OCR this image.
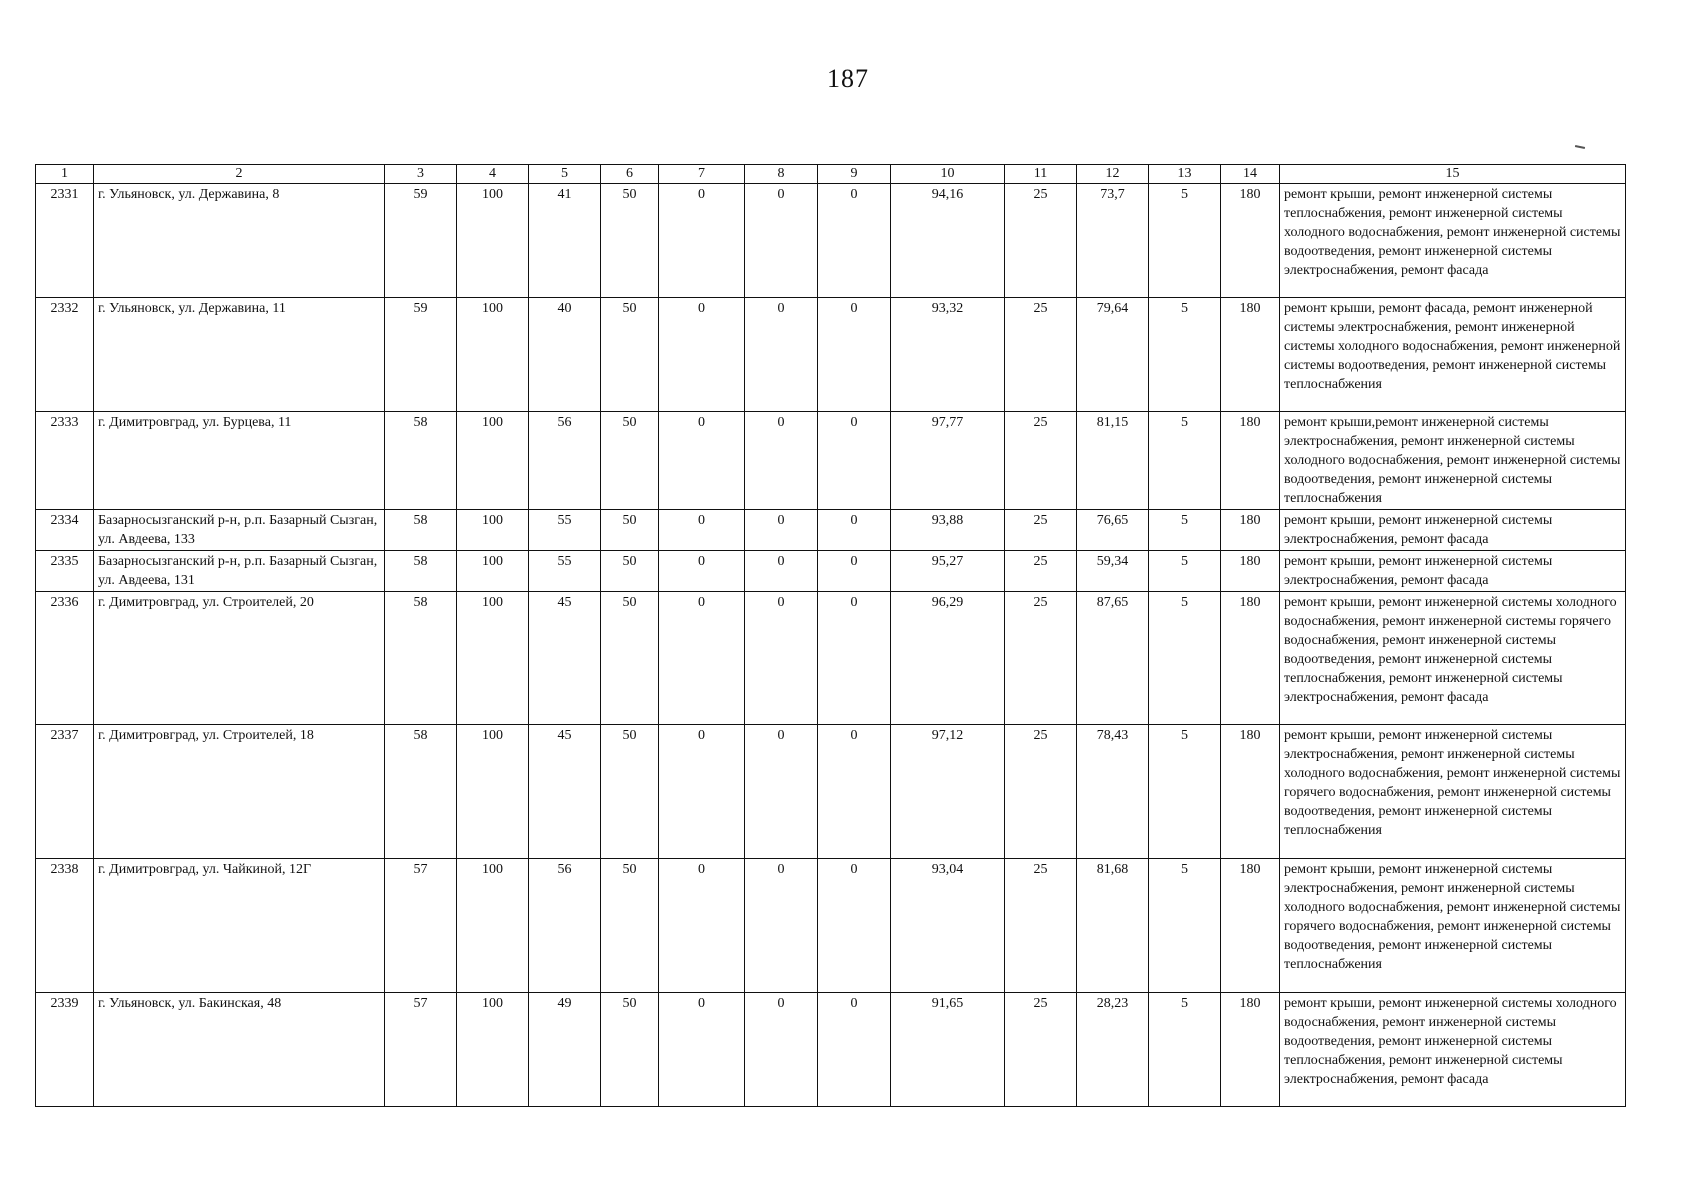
187
1	2	3	4	5	6	7	8	9	10	11	12	13	14	15
2331	г. Ульяновск, ул. Державина, 8	59	100	41	50	0	0	0	94,16	25	73,7	5	180	ремонт крыши, ремонт инженерной системы теплоснабжения, ремонт инженерной системы холодного водоснабжения, ремонт инженерной системы водоотведения, ремонт инженерной системы электроснабжения, ремонт фасада
2332	г. Ульяновск, ул. Державина, 11	59	100	40	50	0	0	0	93,32	25	79,64	5	180	ремонт крыши, ремонт фасада, ремонт инженерной системы электроснабжения, ремонт инженерной системы холодного водоснабжения, ремонт инженерной системы водоотведения, ремонт инженерной системы теплоснабжения
2333	г. Димитровград, ул. Бурцева, 11	58	100	56	50	0	0	0	97,77	25	81,15	5	180	ремонт крыши,ремонт инженерной системы электроснабжения, ремонт инженерной системы холодного водоснабжения, ремонт инженерной системы водоотведения, ремонт инженерной системы теплоснабжения
2334	Базарносызганский р-н, р.п. Базарный Сызган, ул. Авдеева, 133	58	100	55	50	0	0	0	93,88	25	76,65	5	180	ремонт крыши, ремонт инженерной системы электроснабжения, ремонт фасада
2335	Базарносызганский р-н, р.п. Базарный Сызган, ул. Авдеева, 131	58	100	55	50	0	0	0	95,27	25	59,34	5	180	ремонт крыши, ремонт инженерной системы электроснабжения, ремонт фасада
2336	г. Димитровград, ул. Строителей, 20	58	100	45	50	0	0	0	96,29	25	87,65	5	180	ремонт крыши, ремонт инженерной системы холодного водоснабжения, ремонт инженерной системы горячего водоснабжения, ремонт инженерной системы водоотведения, ремонт инженерной системы теплоснабжения, ремонт инженерной системы электроснабжения, ремонт фасада
2337	г. Димитровград, ул. Строителей, 18	58	100	45	50	0	0	0	97,12	25	78,43	5	180	ремонт крыши, ремонт инженерной системы электроснабжения, ремонт инженерной системы холодного водоснабжения, ремонт инженерной системы горячего водоснабжения, ремонт инженерной системы водоотведения, ремонт инженерной системы теплоснабжения
2338	г. Димитровград, ул. Чайкиной, 12Г	57	100	56	50	0	0	0	93,04	25	81,68	5	180	ремонт крыши, ремонт инженерной системы электроснабжения, ремонт инженерной системы холодного водоснабжения, ремонт инженерной системы горячего водоснабжения, ремонт инженерной системы водоотведения, ремонт инженерной системы теплоснабжения
2339	г. Ульяновск, ул. Бакинская, 48	57	100	49	50	0	0	0	91,65	25	28,23	5	180	ремонт крыши, ремонт инженерной системы холодного водоснабжения, ремонт инженерной системы водоотведения, ремонт инженерной системы теплоснабжения, ремонт инженерной системы электроснабжения, ремонт фасада
